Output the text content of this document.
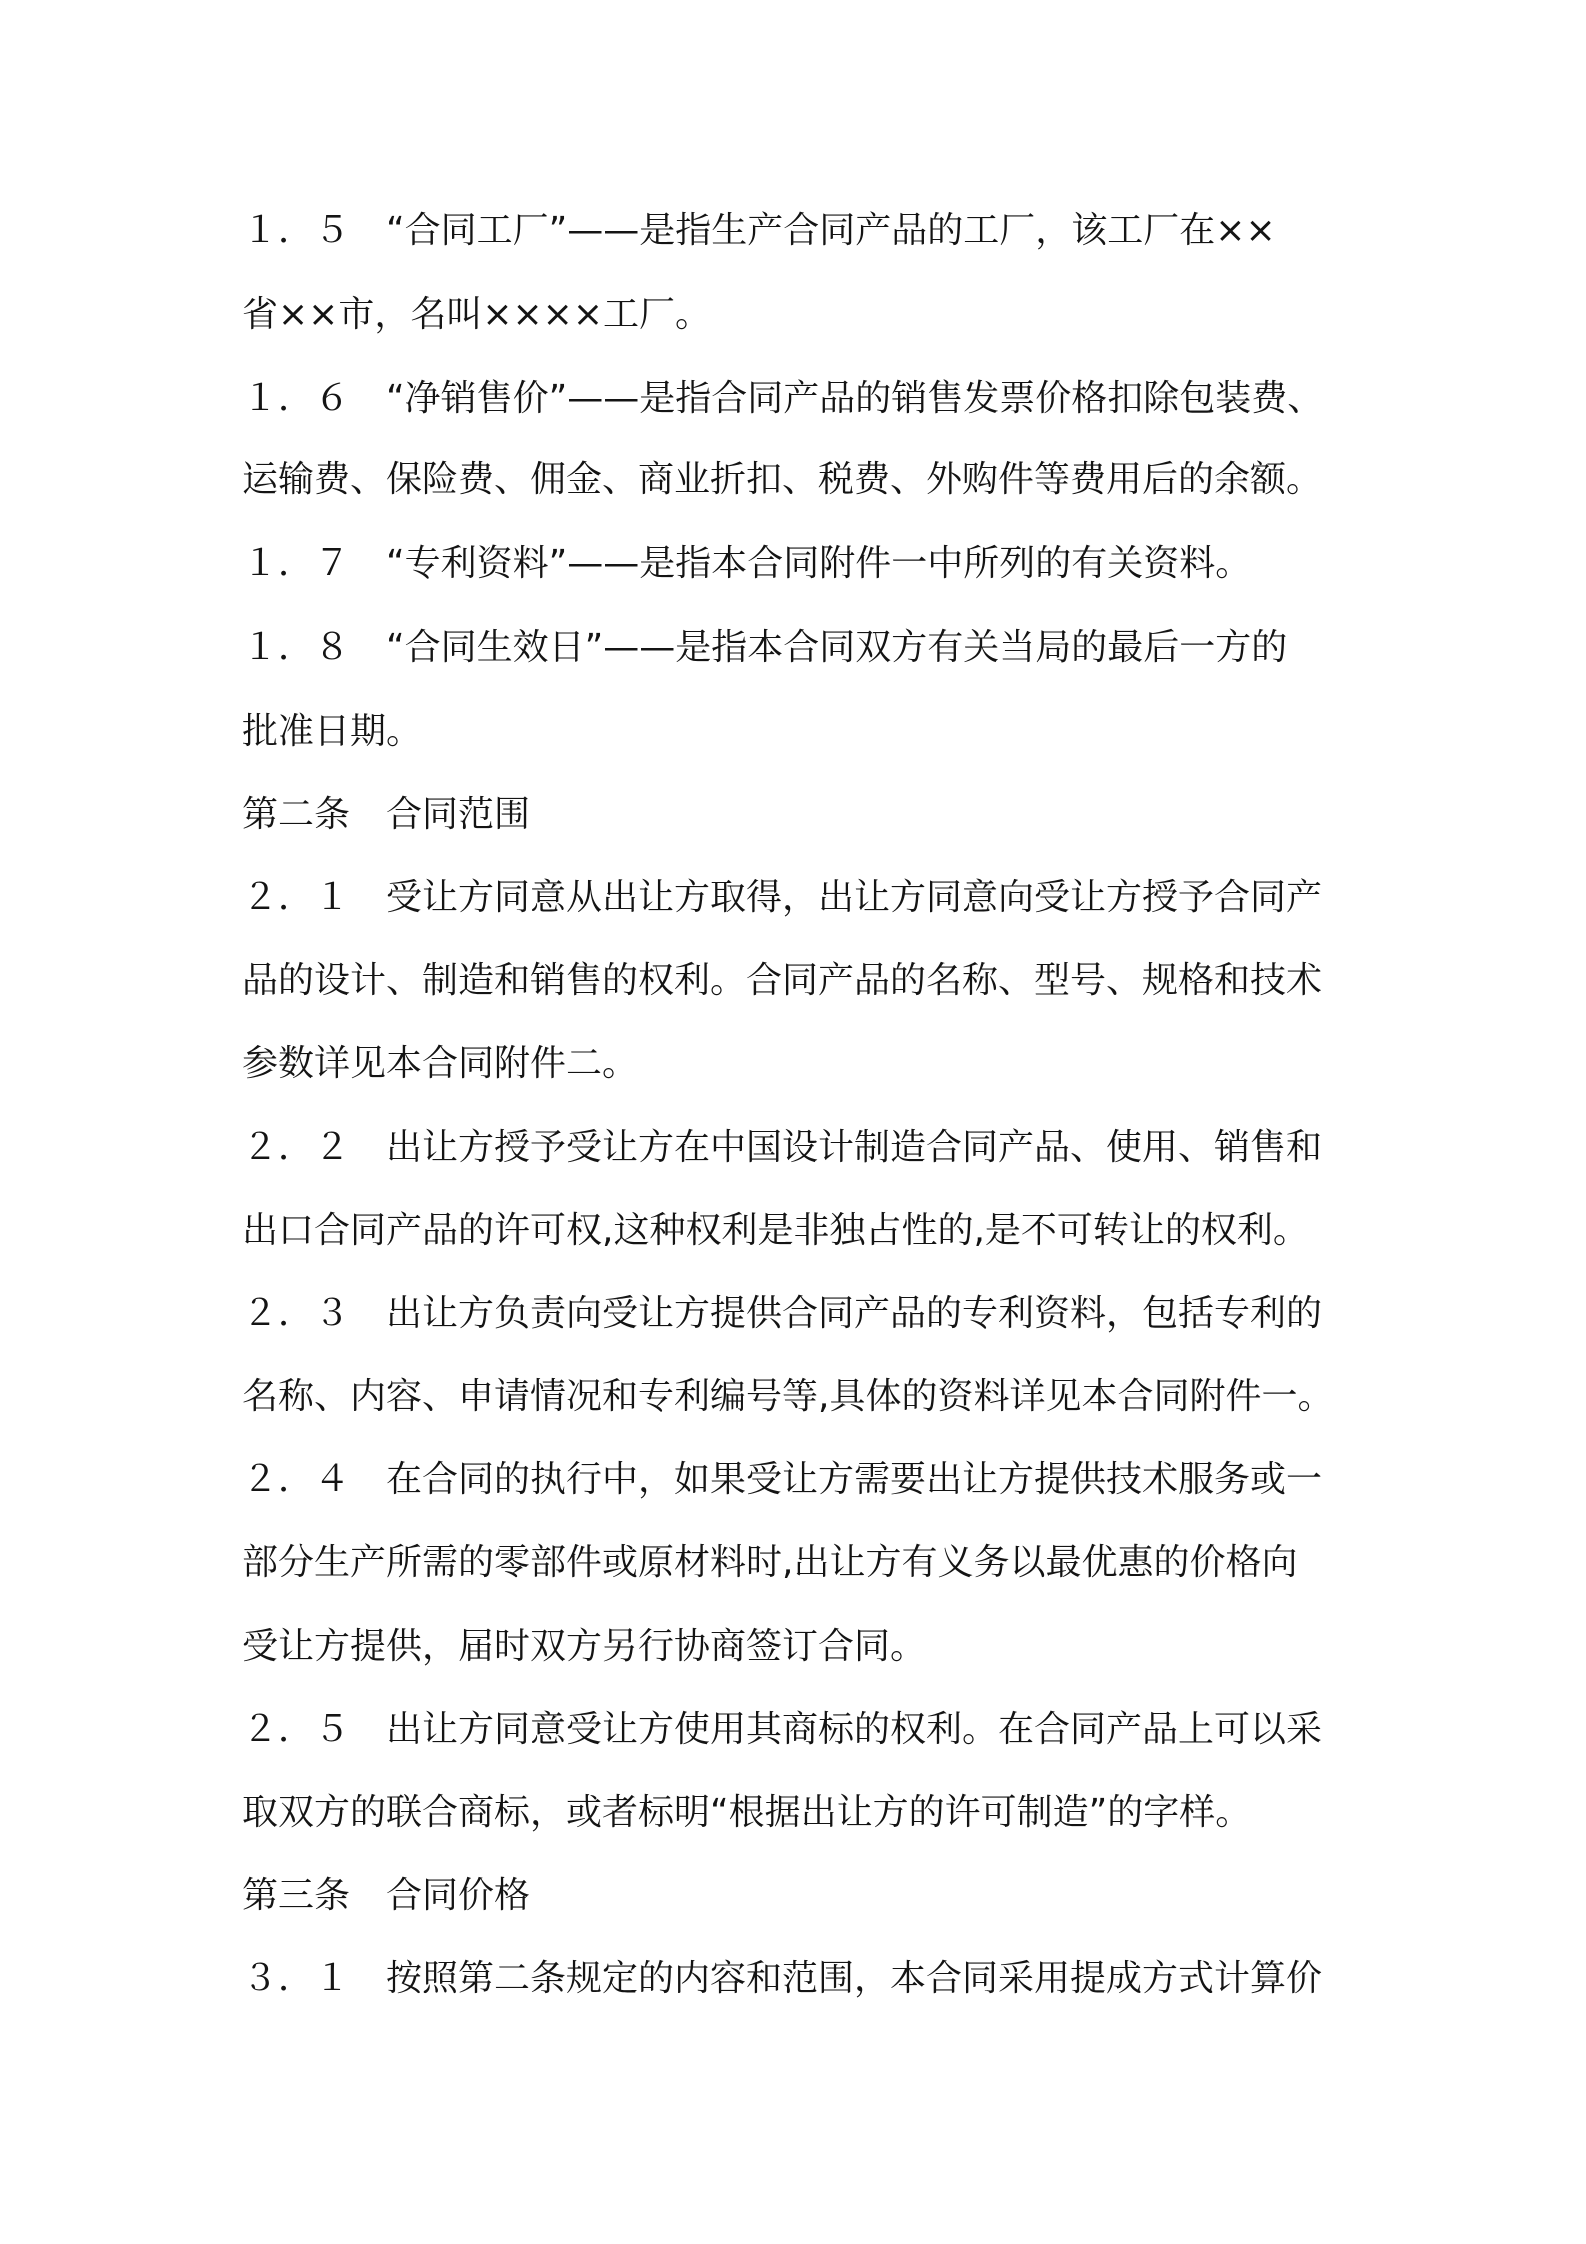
１．５　“合同工厂”——是指生产合同产品的工厂，该工厂在××
省××市，名叫××××工厂。
１．６　“净销售价”——是指合同产品的销售发票价格扣除包装费、
运输费、保险费、佣金、商业折扣、税费、外购件等费用后的余额。
１．７　“专利资料”——是指本合同附件一中所列的有关资料。
１．８　“合同生效日”——是指本合同双方有关当局的最后一方的
批准日期。
第二条　合同范围
２．１　受让方同意从出让方取得，出让方同意向受让方授予合同产
品的设计、制造和销售的权利。合同产品的名称、型号、规格和技术
参数详见本合同附件二。
２．２　出让方授予受让方在中国设计制造合同产品、使用、销售和
出口合同产品的许可权,这种权利是非独占性的,是不可转让的权利。
２．３　出让方负责向受让方提供合同产品的专利资料，包括专利的
名称、内容、申请情况和专利编号等,具体的资料详见本合同附件一。
２．４　在合同的执行中，如果受让方需要出让方提供技术服务或一
部分生产所需的零部件或原材料时,出让方有义务以最优惠的价格向
受让方提供，届时双方另行协商签订合同。
２．５　出让方同意受让方使用其商标的权利。在合同产品上可以采
取双方的联合商标，或者标明“根据出让方的许可制造”的字样。
第三条　合同价格
３．１　按照第二条规定的内容和范围，本合同采用提成方式计算价
